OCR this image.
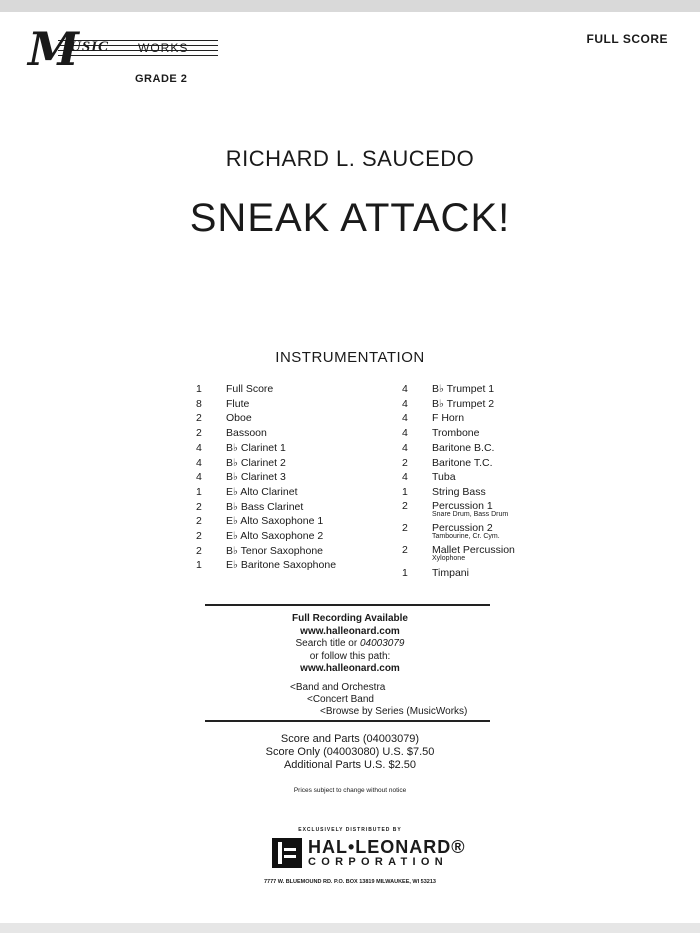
M
USIC WORKS
GRADE 2
FULL SCORE
RICHARD L. SAUCEDO
SNEAK ATTACK!
INSTRUMENTATION
1	Full Score
8	Flute
2	Oboe
2	Bassoon
4	B♭ Clarinet 1
4	B♭ Clarinet 2
4	B♭ Clarinet 3
1	E♭ Alto Clarinet
2	B♭ Bass Clarinet
2	E♭ Alto Saxophone 1
2	E♭ Alto Saxophone 2
2	B♭ Tenor Saxophone
1	E♭ Baritone Saxophone
4	B♭ Trumpet 1
4	B♭ Trumpet 2
4	F Horn
4	Trombone
4	Baritone B.C.
2	Baritone T.C.
4	Tuba
1	String Bass
2	Percussion 1
Snare Drum, Bass Drum
2	Percussion 2
Tambourine, Cr. Cym.
2	Mallet Percussion
Xylophone
1	Timpani
Full Recording Available
www.halleonard.com
Search title or 04003079
or follow this path:
www.halleonard.com
<Band and Orchestra
<Concert Band
<Browse by Series (MusicWorks)
Score and Parts (04003079)
Score Only (04003080) U.S. $7.50
Additional Parts U.S. $2.50
Prices subject to change without notice
EXCLUSIVELY DISTRIBUTED BY
HAL•LEONARD®
CORPORATION
7777 W. BLUEMOUND RD. P.O. BOX 13819 MILWAUKEE, WI 53213
